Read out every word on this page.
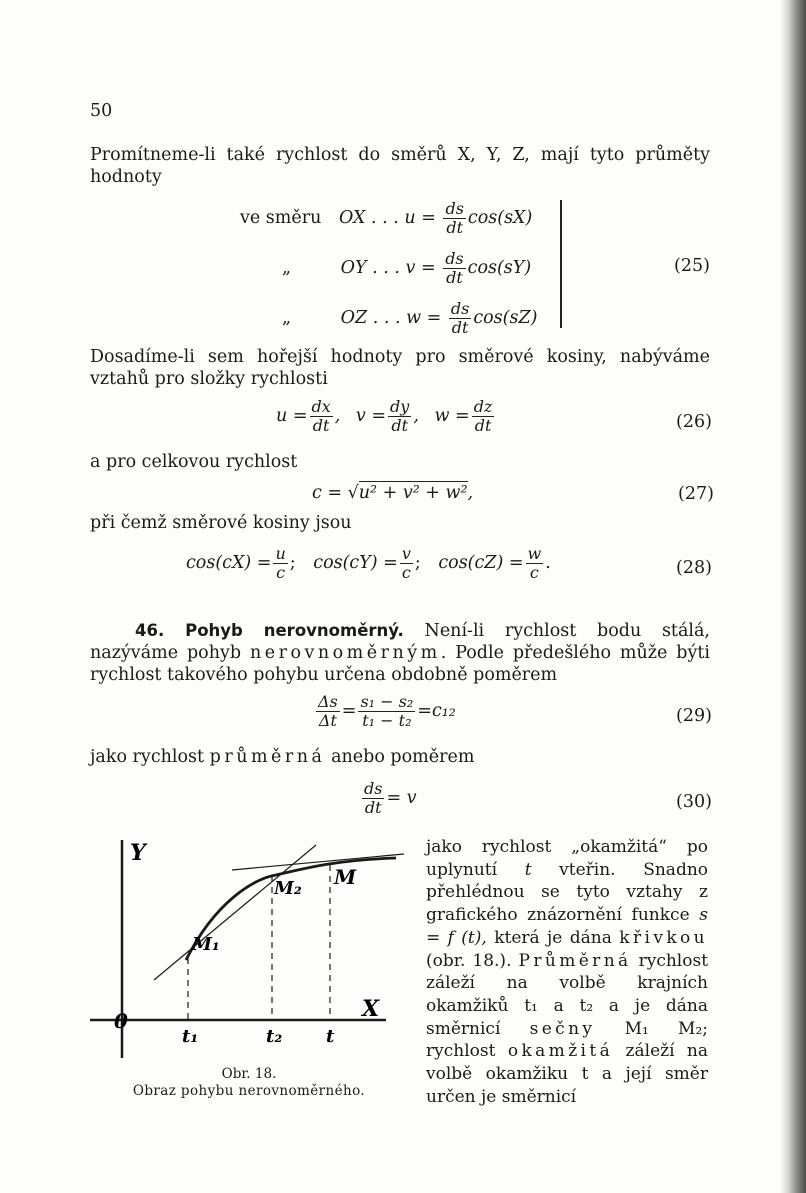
50
Promítneme-li také rychlost do směrů X, Y, Z, mají tyto průměty hodnoty
ve směru OX . . . $u = \frac{ds}{dt} \cos(sX)$
„	OY . . . $v = \frac{ds}{dt} \cos(sY)$
„	OZ . . . $w = \frac{ds}{dt} \cos(sZ)$
(25)
Dosadíme-li sem hořejší hodnoty pro směrové kosiny, nabýváme vztahů pro složky rychlosti
$u = \frac{dx}{dt}$ , $v = \frac{dy}{dt}$ , $w = \frac{dz}{dt}$	(26)
a pro celkovou rychlost
c = √u² + v² + w²,	(27)
při čemž směrové kosiny jsou
$\cos(cX) = \frac{u}{c}$ ; $\cos(cY) = \frac{v}{c}$ ; $\cos(cZ) = \frac{w}{c}$ .	(28)
46. Pohyb nerovnoměrný. Není-li rychlost bodu stálá, nazýváme pohyb nerovnoměrným. Podle předešlého může býti rychlost takového pohybu určena obdobně poměrem
$\frac{\Delta s}{\Delta t} = \frac{\text{s₁ − s₂}}{\text{t₁ − t₂}} =c_{12}$	(29)
jako rychlost průměrná anebo poměrem
$\frac{ds}{dt} = v$	(30)
Y
X
0
M₁
M₂ M
t₁	t₂ t
Obr. 18.
Obraz pohybu nerovnoměrného.
jako rychlost „okamžitá“ po uplynutí t vteřin. Snadno přehlédnou se tyto vztahy z grafického znázornění funkce s = f (t), která je dána křivkou (obr. 18.). Průměrná rychlost záleží na volbě krajních okamžiků t₁ a t₂ a je dána směrnicí sečny M₁ M₂; rychlost okamžitá záleží na volbě okamžiku t a její směr určen je směrnicí
